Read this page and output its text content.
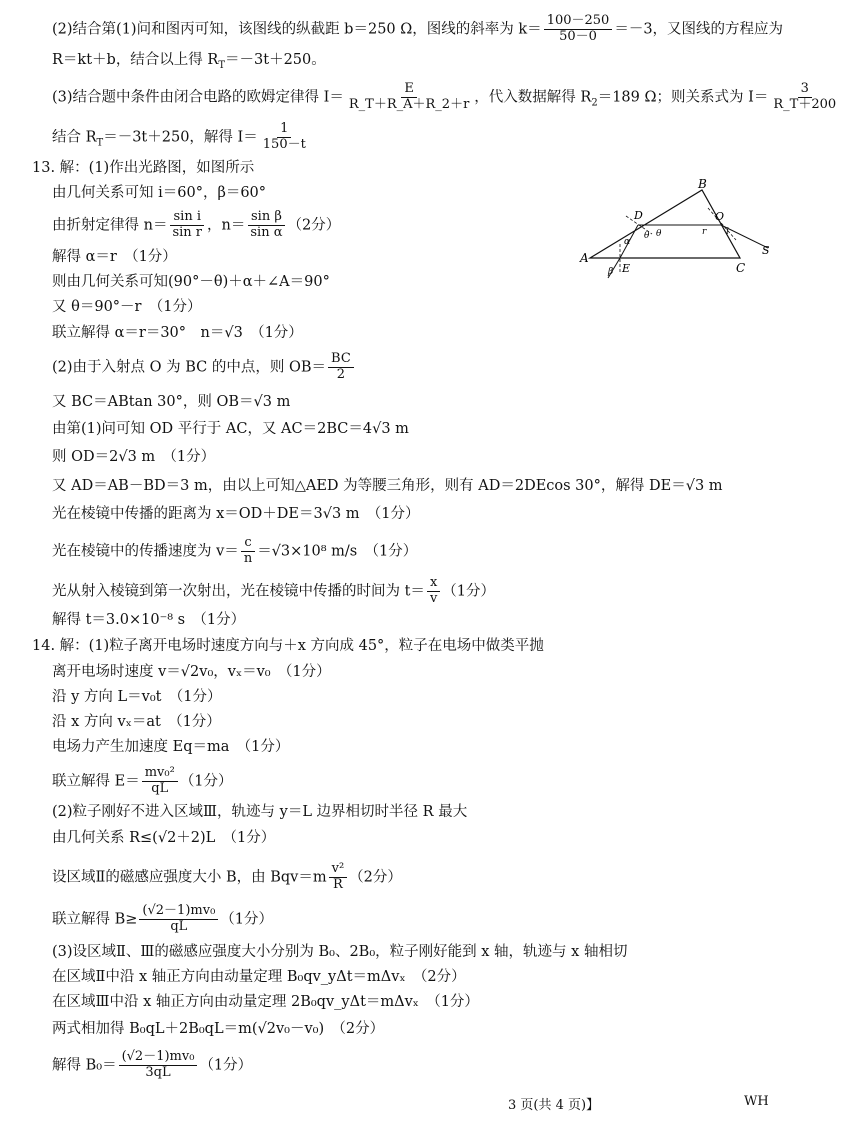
(2)结合第(1)问和图丙可知，该图线的纵截距 b＝250 Ω，图线的斜率为 $k= \frac{100-250}{50-0} =-3$，又图线的方程应为
R＝kt＋b，结合以上得 $R_T=-3t+250$。
(3)结合题中条件由闭合电路的欧姆定律得 $I= \frac{E}{R\_T+R\_A+R\_2+r}$ ，代入数据解得 $R_2=189$ Ω；则关系式为 $I= \frac{3}{R\_T+200}$
结合 $R_T=-3t+250$，解得 $I= \frac{1}{150-t}$
13. 解：(1)作出光路图，如图所示
由几何关系可知 i＝60°，β＝60°
由折射定律得 $n= \frac{\text{sin i}}{\text{sin r}}$ ，$n= \frac{\text{sin β}}{\text{sin α}} (2$分）
解得 α＝r　（1分）
则由几何关系可知(90°－θ)＋α＋∠A＝90°
又 θ＝90°－r　（1分）
联立解得 α＝r＝30°　n＝√3　（1分）
(2)由于入射点 O 为 BC 的中点，则 $OB= \frac{BC}{2}$
又 BC＝ABtan 30°，则 OB＝√3 m
由第(1)问可知 OD 平行于 AC，又 AC＝2BC＝4√3 m
则 OD＝2√3 m　（1分）
又 AD＝AB－BD＝3 m，由以上可知△AED 为等腰三角形，则有 AD＝2DEcos 30°，解得 DE＝√3 m
光在棱镜中传播的距离为 x＝OD＋DE＝3√3 m　（1分）
光在棱镜中的传播速度为 $v= \frac{c}{n} =√3\times 10^8$ m/s　（1分）
光从射入棱镜到第一次射出，光在棱镜中传播的时间为 $t= \frac{x}{v} (1$分）
解得 t＝3.0×10⁻⁸ s　（1分）
A
B
C
D
E
O
S
i
r
α
β
θ θ
14. 解：(1)粒子离开电场时速度方向与＋x 方向成 45°，粒子在电场中做类平抛
离开电场时速度 v＝√2v₀，vₓ＝v₀　（1分）
沿 y 方向 L＝v₀t　（1分）
沿 x 方向 vₓ＝at　（1分）
电场力产生加速度 Eq＝ma　（1分）
联立解得 $E= \frac{\text{mv₀²}}{qL} (1$分）
(2)粒子刚好不进入区域Ⅲ，轨迹与 y＝L 边界相切时半径 R 最大
由几何关系 R≤(√2＋2)L　（1分）
设区域Ⅱ的磁感应强度大小 B，由 $Bqv=m \frac{\text{v²}}{R} (2$分）
联立解得 $B\ge \frac{\text{(√2－1)mv₀}}{qL} (1$分）
(3)设区域Ⅱ、Ⅲ的磁感应强度大小分别为 B₀、2B₀，粒子刚好能到 x 轴，轨迹与 x 轴相切
在区域Ⅱ中沿 x 轴正方向由动量定理 B₀qv_yΔt＝mΔvₓ　（2分）
在区域Ⅲ中沿 x 轴正方向由动量定理 2B₀qv_yΔt＝mΔvₓ　（1分）
两式相加得 B₀qL＋2B₀qL＝m(√2v₀－v₀)　（2分）
解得 $B_0= \frac{\text{(√2－1)mv₀}}{3qL} (1$分）
3 页(共 4 页)】	WH
